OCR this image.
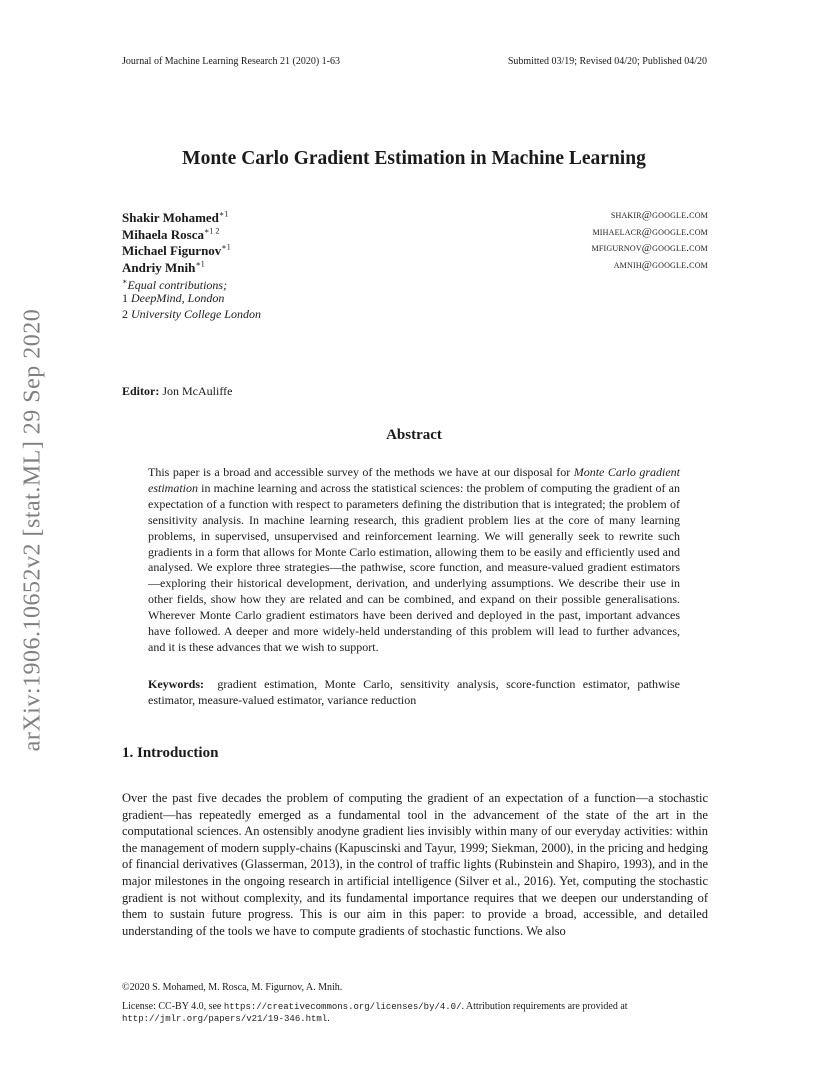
arXiv:1906.10652v2 [stat.ML] 29 Sep 2020
Journal of Machine Learning Research 21 (2020) 1-63	Submitted 03/19; Revised 04/20; Published 04/20
Monte Carlo Gradient Estimation in Machine Learning
Shakir Mohamed$^{∗1}$	shakir@google.com
Mihaela Rosca$^{∗1 2}$	mihaelacr@google.com
Michael Figurnov$^{∗1}$	mfigurnov@google.com
Andriy Mnih$^{∗1}$	amnih@google.com
∗Equal contributions;
1 DeepMind, London
2 University College London
Editor: Jon McAuliffe
Abstract
This paper is a broad and accessible survey of the methods we have at our disposal for Monte Carlo gradient estimation in machine learning and across the statistical sciences: the problem of computing the gradient of an expectation of a function with respect to parameters defining the distribution that is integrated; the problem of sensitivity analysis. In machine learning research, this gradient problem lies at the core of many learning problems, in supervised, unsupervised and reinforcement learning. We will generally seek to rewrite such gradients in a form that allows for Monte Carlo estimation, allowing them to be easily and efficiently used and analysed. We explore three strategies—the pathwise, score function, and measure-valued gradient estimators—exploring their historical development, derivation, and underlying assumptions. We describe their use in other fields, show how they are related and can be combined, and expand on their possible generalisations. Wherever Monte Carlo gradient estimators have been derived and deployed in the past, important advances have followed. A deeper and more widely-held understanding of this problem will lead to further advances, and it is these advances that we wish to support.
Keywords: gradient estimation, Monte Carlo, sensitivity analysis, score-function estimator, pathwise estimator, measure-valued estimator, variance reduction
1. Introduction
Over the past five decades the problem of computing the gradient of an expectation of a function—a stochastic gradient—has repeatedly emerged as a fundamental tool in the advancement of the state of the art in the computational sciences. An ostensibly anodyne gradient lies invisibly within many of our everyday activities: within the management of modern supply-chains (Kapuscinski and Tayur, 1999; Siekman, 2000), in the pricing and hedging of financial derivatives (Glasserman, 2013), in the control of traffic lights (Rubinstein and Shapiro, 1993), and in the major milestones in the ongoing research in artificial intelligence (Silver et al., 2016). Yet, computing the stochastic gradient is not without complexity, and its fundamental importance requires that we deepen our understanding of them to sustain future progress. This is our aim in this paper: to provide a broad, accessible, and detailed understanding of the tools we have to compute gradients of stochastic functions. We also
©2020 S. Mohamed, M. Rosca, M. Figurnov, A. Mnih.
License: CC-BY 4.0, see https://creativecommons.org/licenses/by/4.0/. Attribution requirements are provided at
http://jmlr.org/papers/v21/19-346.html.
